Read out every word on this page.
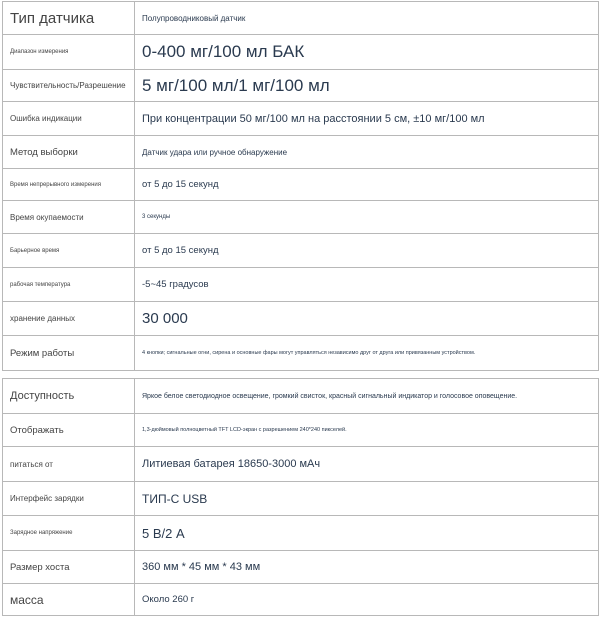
Тип датчика	Полупроводниковый датчик
Диапазон измерения	0-400 мг/100 мл БАК
Чувствительность/Разрешение	5 мг/100 мл/1 мг/100 мл
Ошибка индикации	При концентрации 50 мг/100 мл на расстоянии 5 см, ±10 мг/100 мл
Метод выборки	Датчик удара или ручное обнаружение
Время непрерывного измерения	от 5 до 15 секунд
Время окупаемости	3 секунды
Барьерное время	от 5 до 15 секунд
рабочая температура	-5~45 градусов
хранение данных	30 000
Режим работы	4 кнопки; сигнальные огни, сирена и основные фары могут управляться независимо друг от друга или привязанным устройством.
Доступность	Яркое белое светодиодное освещение, громкий свисток, красный сигнальный индикатор и голосовое оповещение.
Отображать	1,3-дюймовый полноцветный TFT LCD-экран с разрешением 240*240 пикселей.
питаться от	Литиевая батарея 18650-3000 мАч
Интерфейс зарядки	ТИП-С USB
Зарядное напряжение	5 В/2 А
Размер хоста	360 мм * 45 мм * 43 мм
масса	Около 260 г
